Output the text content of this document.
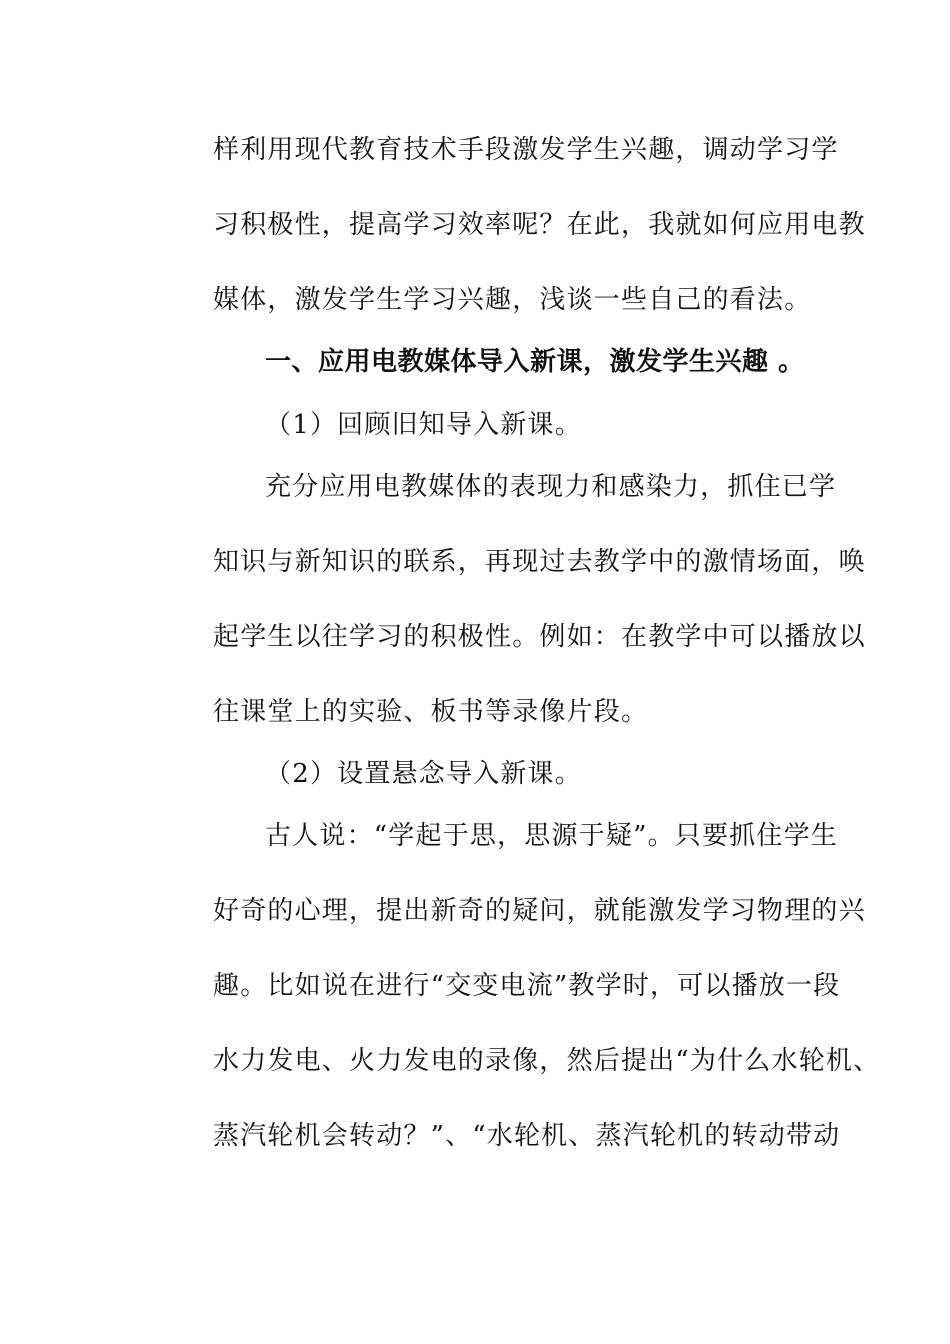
样利用现代教育技术手段激发学生兴趣，调动学习学
习积极性，提高学习效率呢？在此，我就如何应用电教
媒体，激发学生学习兴趣，浅谈一些自己的看法。
一、应用电教媒体导入新课，激发学生兴趣 。
（1）回顾旧知导入新课。
充分应用电教媒体的表现力和感染力，抓住已学
知识与新知识的联系，再现过去教学中的激情场面，唤
起学生以往学习的积极性。例如：在教学中可以播放以
往课堂上的实验、板书等录像片段。
（2）设置悬念导入新课。
古人说：“学起于思，思源于疑”。只要抓住学生
好奇的心理，提出新奇的疑问，就能激发学习物理的兴
趣。比如说在进行“交变电流”教学时，可以播放一段
水力发电、火力发电的录像，然后提出“为什么水轮机、
蒸汽轮机会转动？”、“水轮机、蒸汽轮机的转动带动
